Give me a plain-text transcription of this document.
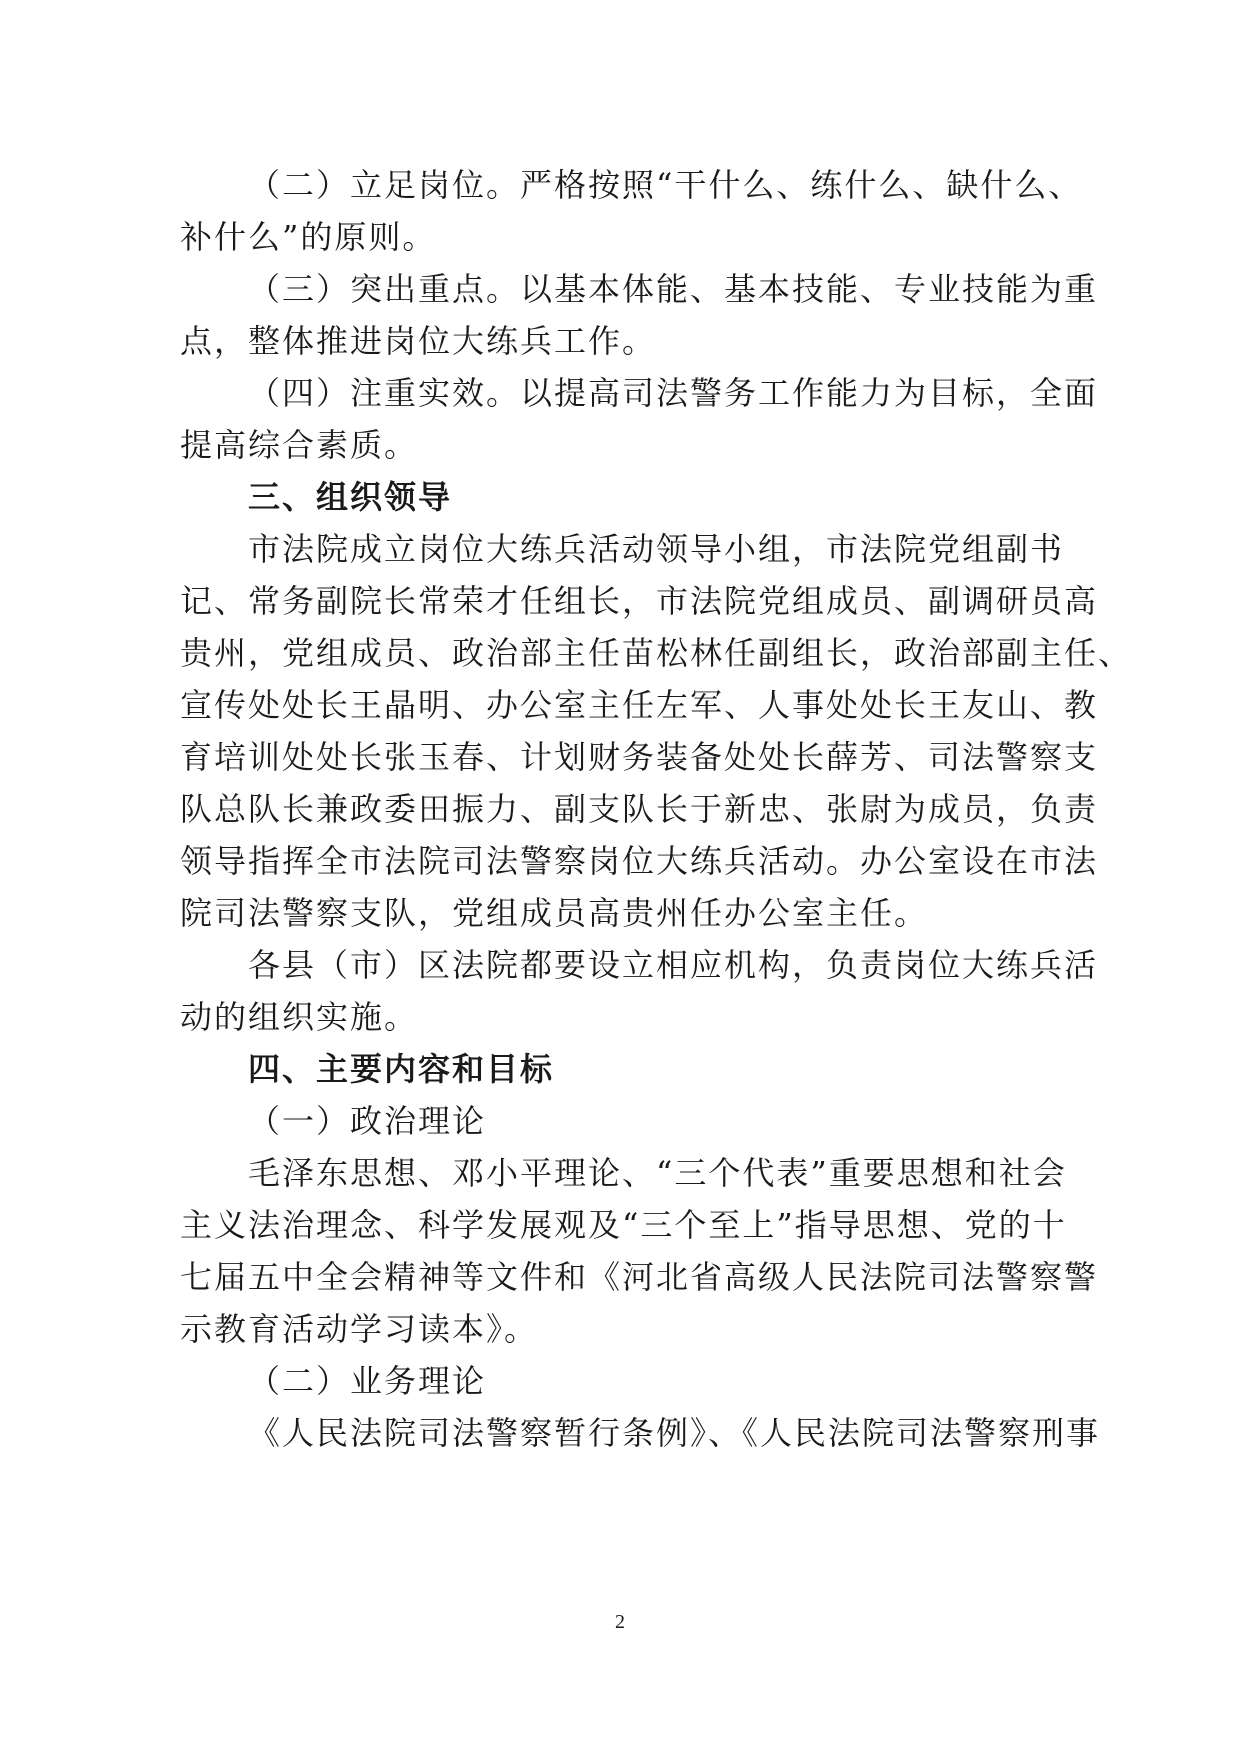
（二）立足岗位。严格按照“干什么、练什么、缺什么、
补什么”的原则。
（三）突出重点。以基本体能、基本技能、专业技能为重
点，整体推进岗位大练兵工作。
（四）注重实效。以提高司法警务工作能力为目标，全面
提高综合素质。
三、组织领导
市法院成立岗位大练兵活动领导小组，市法院党组副书
记、常务副院长常荣才任组长，市法院党组成员、副调研员高
贵州，党组成员、政治部主任苗松林任副组长，政治部副主任、
宣传处处长王晶明、办公室主任左军、人事处处长王友山、教
育培训处处长张玉春、计划财务装备处处长薛芳、司法警察支
队总队长兼政委田振力、副支队长于新忠、张尉为成员，负责
领导指挥全市法院司法警察岗位大练兵活动。办公室设在市法
院司法警察支队，党组成员高贵州任办公室主任。
各县（市）区法院都要设立相应机构，负责岗位大练兵活
动的组织实施。
四、主要内容和目标
（一）政治理论
毛泽东思想、邓小平理论、“三个代表”重要思想和社会
主义法治理念、科学发展观及“三个至上”指导思想、党的十
七届五中全会精神等文件和《河北省高级人民法院司法警察警
示教育活动学习读本》。
（二）业务理论
《人民法院司法警察暂行条例》、《人民法院司法警察刑事
2
